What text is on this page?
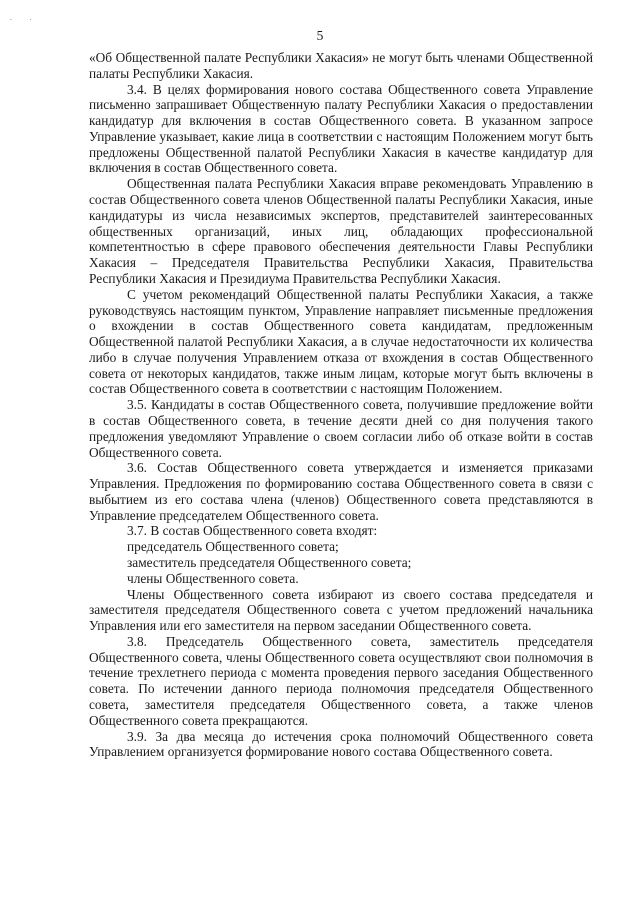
. .
5

«Об Общественной палате Республики Хакасия» не могут быть членами Общественной палаты Республики Хакасия.

3.4. В целях формирования нового состава Общественного совета Управление письменно запрашивает Общественную палату Республики Хакасия о предоставлении кандидатур для включения в состав Общественного совета. В указанном запросе Управление указывает, какие лица в соответствии с настоящим Положением могут быть предложены Общественной палатой Республики Хакасия в качестве кандидатур для включения в состав Общественного совета.

Общественная палата Республики Хакасия вправе рекомендовать Управлению в состав Общественного совета членов Общественной палаты Республики Хакасия, иные кандидатуры из числа независимых экспертов, представителей заинтересованных общественных организаций, иных лиц, обладающих профессиональной компетентностью в сфере правового обеспечения деятельности Главы Республики Хакасия – Председателя Правительства Республики Хакасия, Правительства Республики Хакасия и Президиума Правительства Республики Хакасия.

С учетом рекомендаций Общественной палаты Республики Хакасия, а также руководствуясь настоящим пунктом, Управление направляет письменные предложения о вхождении в состав Общественного совета кандидатам, предложенным Общественной палатой Республики Хакасия, а в случае недостаточности их количества либо в случае получения Управлением отказа от вхождения в состав Общественного совета от некоторых кандидатов, также иным лицам, которые могут быть включены в состав Общественного совета в соответствии с настоящим Положением.

3.5. Кандидаты в состав Общественного совета, получившие предложение войти в состав Общественного совета, в течение десяти дней со дня получения такого предложения уведомляют Управление о своем согласии либо об отказе войти в состав Общественного совета.

3.6. Состав Общественного совета утверждается и изменяется приказами Управления. Предложения по формированию состава Общественного совета в связи с выбытием из его состава члена (членов) Общественного совета представляются в Управление председателем Общественного совета.

3.7. В состав Общественного совета входят:

председатель Общественного совета;

заместитель председателя Общественного совета;

члены Общественного совета.

Члены Общественного совета избирают из своего состава председателя и заместителя председателя Общественного совета с учетом предложений начальника Управления или его заместителя на первом заседании Общественного совета.

3.8. Председатель Общественного совета, заместитель председателя Общественного совета, члены Общественного совета осуществляют свои полномочия в течение трехлетнего периода с момента проведения первого заседания Общественного совета. По истечении данного периода полномочия председателя Общественного совета, заместителя председателя Общественного совета, а также членов Общественного совета прекращаются.

3.9. За два месяца до истечения срока полномочий Общественного совета Управлением организуется формирование нового состава Общественного совета.
